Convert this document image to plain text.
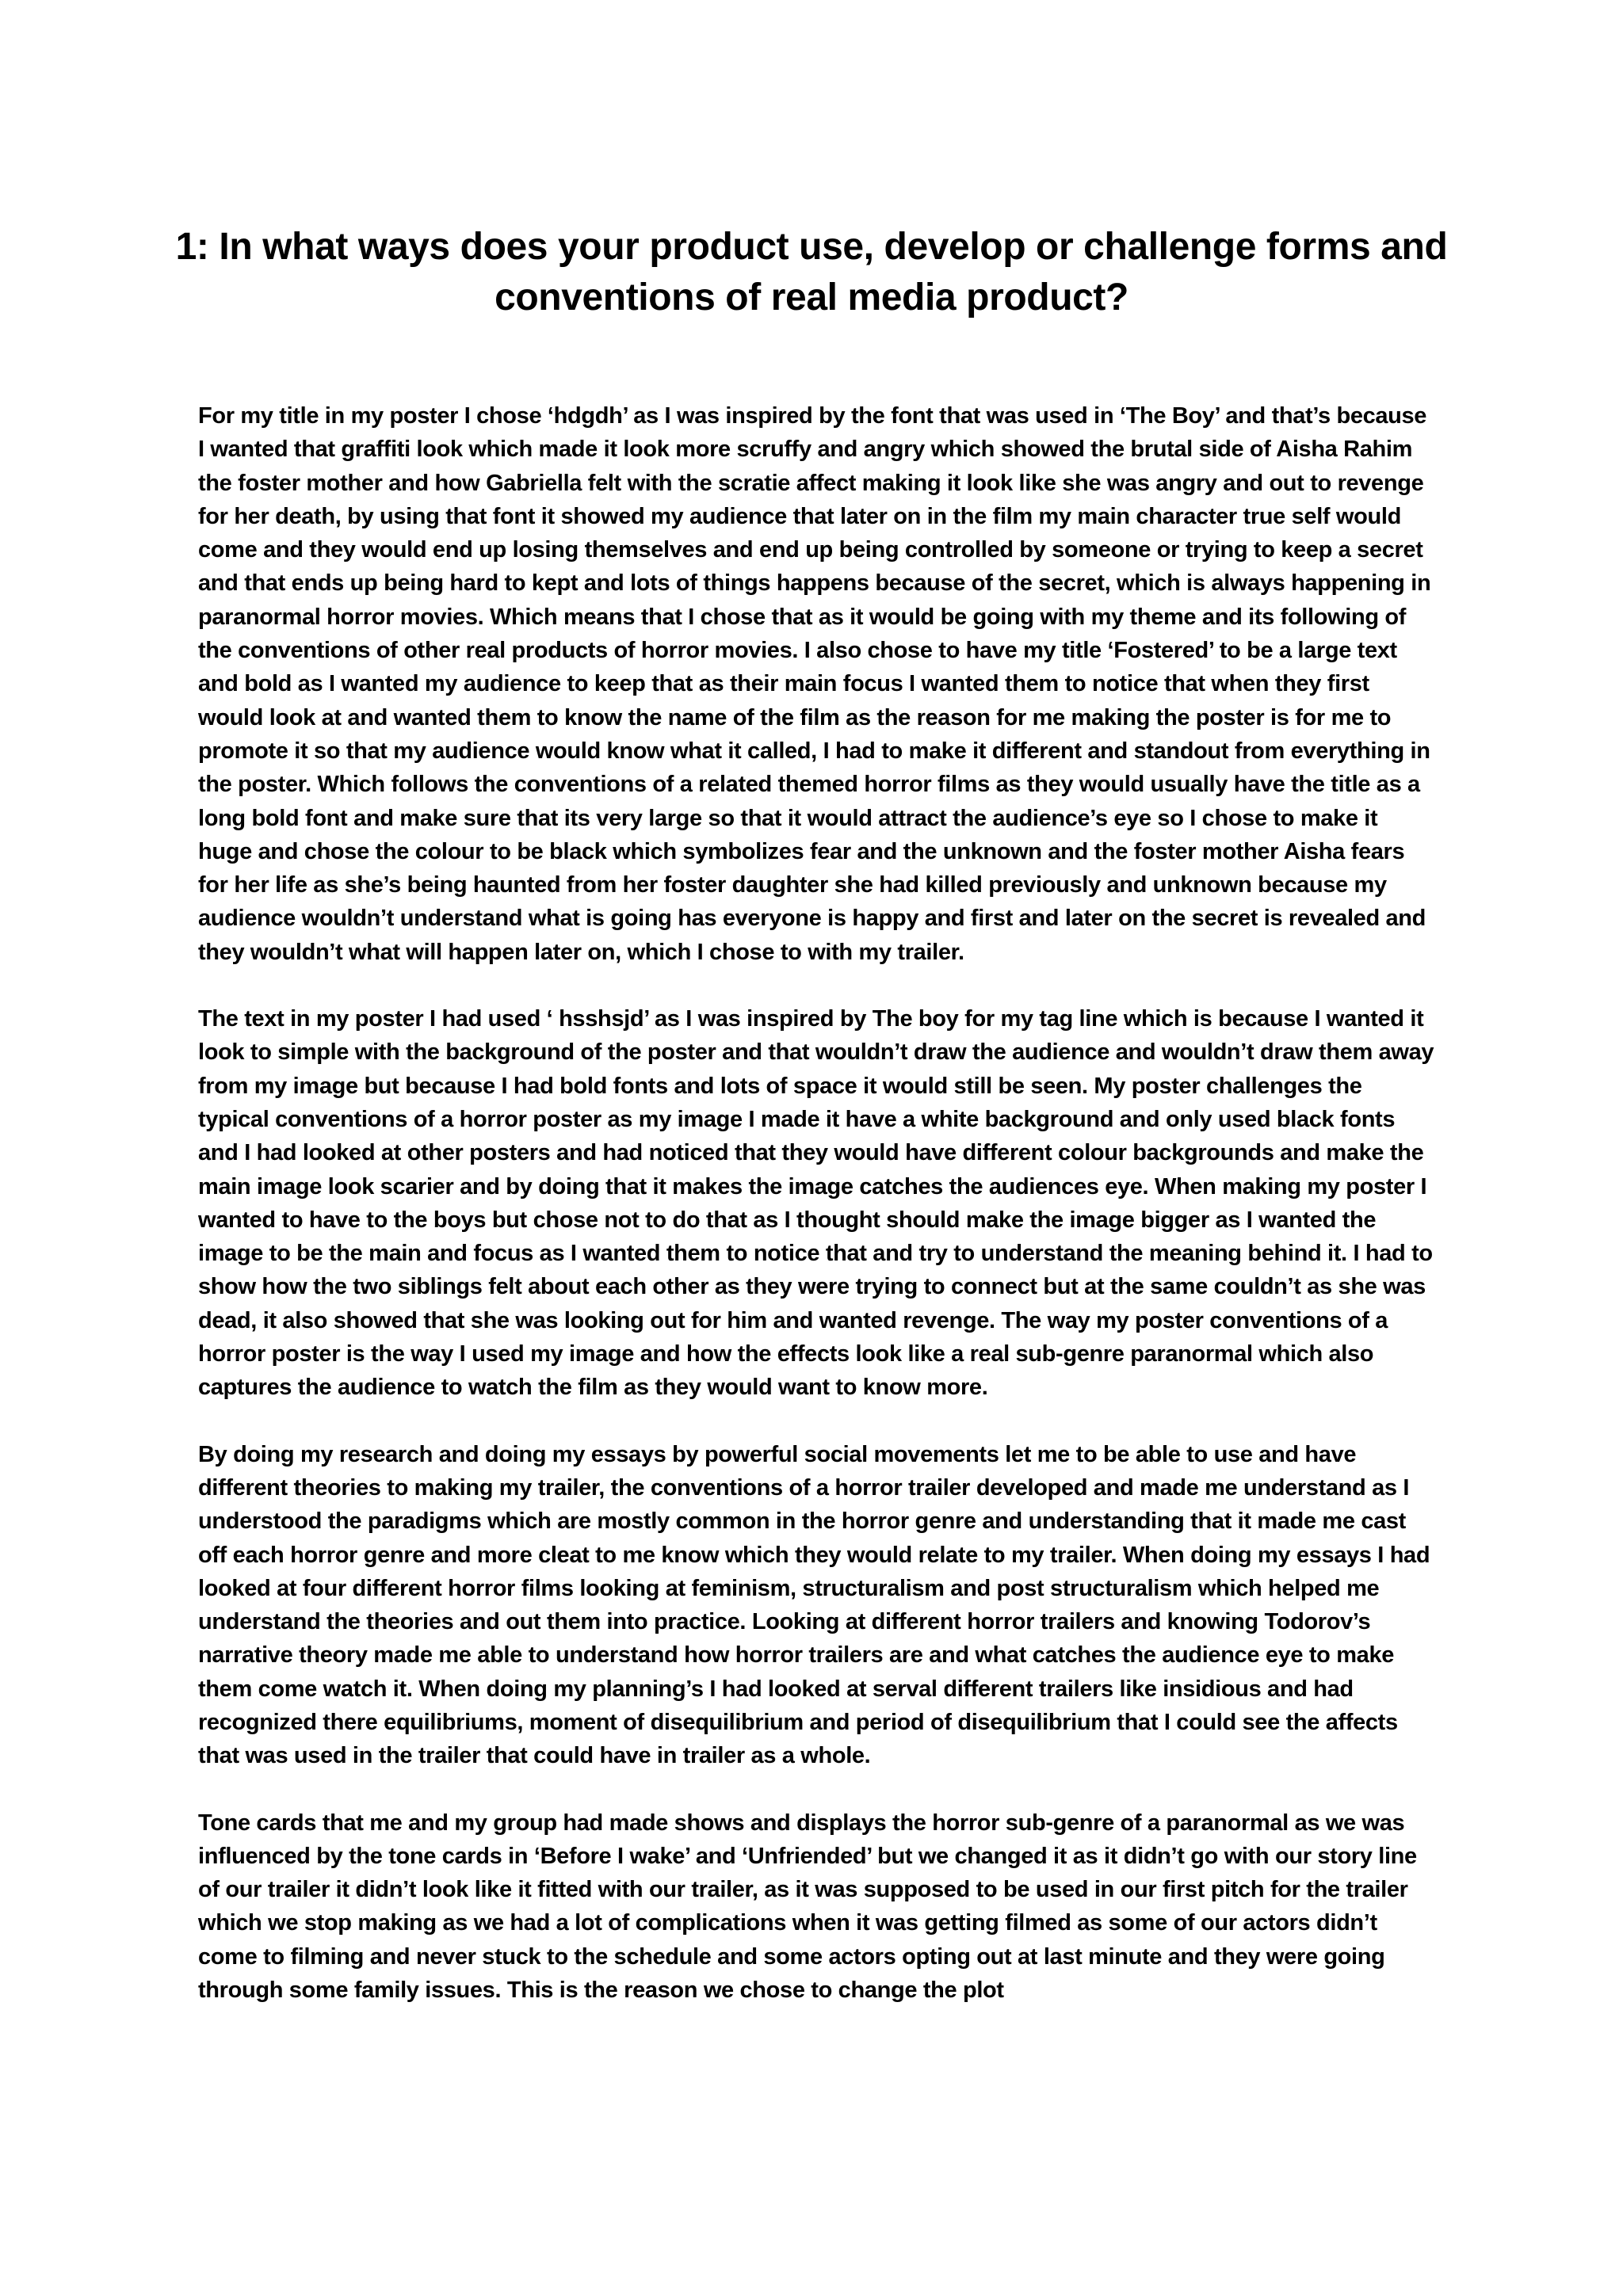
1: In what ways does your product use, develop or challenge forms and conventions of real media product?

For my title in my poster I chose ‘hdgdh’ as I was inspired by the font that was used in ‘The Boy’ and that’s because I wanted that graffiti look which made it look more scruffy and angry which showed the brutal side of Aisha Rahim the foster mother and how Gabriella felt with the scratie affect making it look like she was angry and out to revenge for her death, by using that font it showed my audience that later on in the film my main character true self would come and they would end up losing themselves and end up being controlled by someone or trying to keep a secret and that ends up being hard to kept and lots of things happens because of the secret, which is always happening in paranormal horror movies. Which means that I chose that as it would be going with my theme and its following of the conventions of other real products of horror movies. I also chose to have my title ‘Fostered’ to be a large text and bold as I wanted my audience to keep that as their main focus I wanted them to notice that when they first would look at and wanted them to know the name of the film as the reason for me making the poster is for me to promote it so that my audience would know what it called, I had to make it different and standout from everything in the poster. Which follows the conventions of a related themed horror films as they would usually have the title as a long bold font and make sure that its very large so that it would attract the audience’s eye so I chose to make it huge and chose the colour to be black which symbolizes fear and the unknown and the foster mother Aisha fears for her life as she’s being haunted from her foster daughter she had killed previously and unknown because my audience wouldn’t understand what is going has everyone is happy and first and later on the secret is revealed and they wouldn’t what will happen later on, which I chose to with my trailer.

The text in my poster I had used ‘ hsshsjd’ as I was inspired by The boy for my tag line which is because I wanted it look to simple with the background of the poster and that wouldn’t draw the audience and wouldn’t draw them away from my image but because I had bold fonts and lots of space it would still be seen. My poster challenges the typical conventions of a horror poster as my image I made it have a white background and only used black fonts and I had looked at other posters and had noticed that they would have different colour backgrounds and make the main image look scarier and by doing that it makes the image catches the audiences eye. When making my poster I wanted to have to the boys but chose not to do that as I thought should make the image bigger as I wanted the image to be the main and focus as I wanted them to notice that and try to understand the meaning behind it. I had to show how the two siblings felt about each other as they were trying to connect but at the same couldn’t as she was dead, it also showed that she was looking out for him and wanted revenge. The way my poster conventions of a horror poster is the way I used my image and how the effects look like a real sub-genre paranormal which also captures the audience to watch the film as they would want to know more.

By doing my research and doing my essays by powerful social movements let me to be able to use and have different theories to making my trailer, the conventions of a horror trailer developed and made me understand as I understood the paradigms which are mostly common in the horror genre and understanding that it made me cast off each horror genre and more cleat to me know which they would relate to my trailer. When doing my essays I had looked at four different horror films looking at feminism, structuralism and post structuralism which helped me understand the theories and out them into practice. Looking at different horror trailers and knowing Todorov’s narrative theory made me able to understand how horror trailers are and what catches the audience eye to make them come watch it. When doing my planning’s I had looked at serval different trailers like insidious and had recognized there equilibriums, moment of disequilibrium and period of disequilibrium that I could see the affects that was used in the trailer that could have in trailer as a whole.

Tone cards that me and my group had made shows and displays the horror sub-genre of a paranormal as we was influenced by the tone cards in ‘Before I wake’ and ‘Unfriended’ but we changed it as it didn’t go with our story line of our trailer it didn’t look like it fitted with our trailer, as it was supposed to be used in our first pitch for the trailer which we stop making as we had a lot of complications when it was getting filmed as some of our actors didn’t come to filming and never stuck to the schedule and some actors opting out at last minute and they were going through some family issues. This is the reason we chose to change the plot
